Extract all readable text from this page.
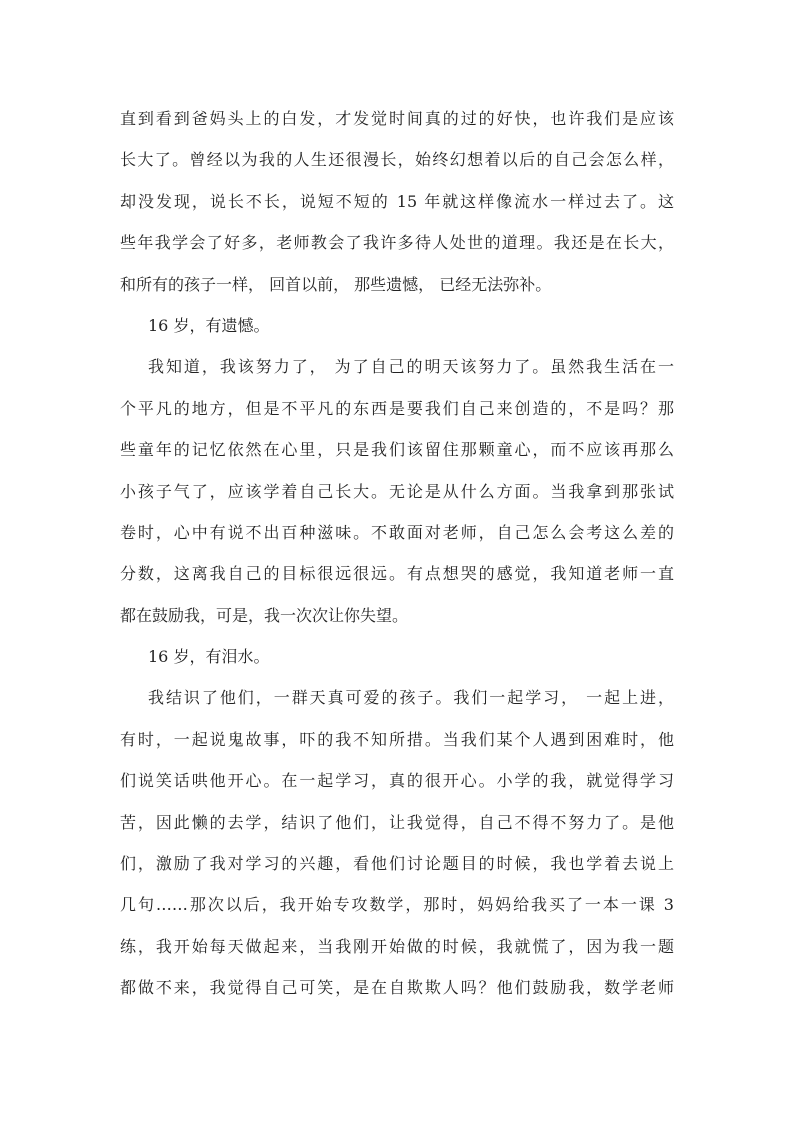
直到看到爸妈头上的白发，才发觉时间真的过的好快，也许我们是应该
长大了。曾经以为我的人生还很漫长，始终幻想着以后的自己会怎么样，
却没发现，说长不长，说短不短的 15 年就这样像流水一样过去了。这
些年我学会了好多，老师教会了我许多待人处世的道理。我还是在长大，
和所有的孩子一样， 回首以前， 那些遗憾， 已经无法弥补。
16 岁，有遗憾。
我知道，我该努力了， 为了自己的明天该努力了。虽然我生活在一
个平凡的地方，但是不平凡的东西是要我们自己来创造的，不是吗？那
些童年的记忆依然在心里，只是我们该留住那颗童心，而不应该再那么
小孩子气了，应该学着自己长大。无论是从什么方面。当我拿到那张试
卷时，心中有说不出百种滋味。不敢面对老师，自己怎么会考这么差的
分数，这离我自己的目标很远很远。有点想哭的感觉，我知道老师一直
都在鼓励我，可是，我一次次让你失望。
16 岁，有泪水。
我结识了他们，一群天真可爱的孩子。我们一起学习， 一起上进，
有时，一起说鬼故事，吓的我不知所措。当我们某个人遇到困难时，他
们说笑话哄他开心。在一起学习，真的很开心。小学的我，就觉得学习
苦，因此懒的去学，结识了他们，让我觉得，自己不得不努力了。是他
们，激励了我对学习的兴趣，看他们讨论题目的时候，我也学着去说上
几句……那次以后，我开始专攻数学，那时，妈妈给我买了一本一课 3
练，我开始每天做起来，当我刚开始做的时候，我就慌了，因为我一题
都做不来，我觉得自己可笑，是在自欺欺人吗？他们鼓励我，数学老师
